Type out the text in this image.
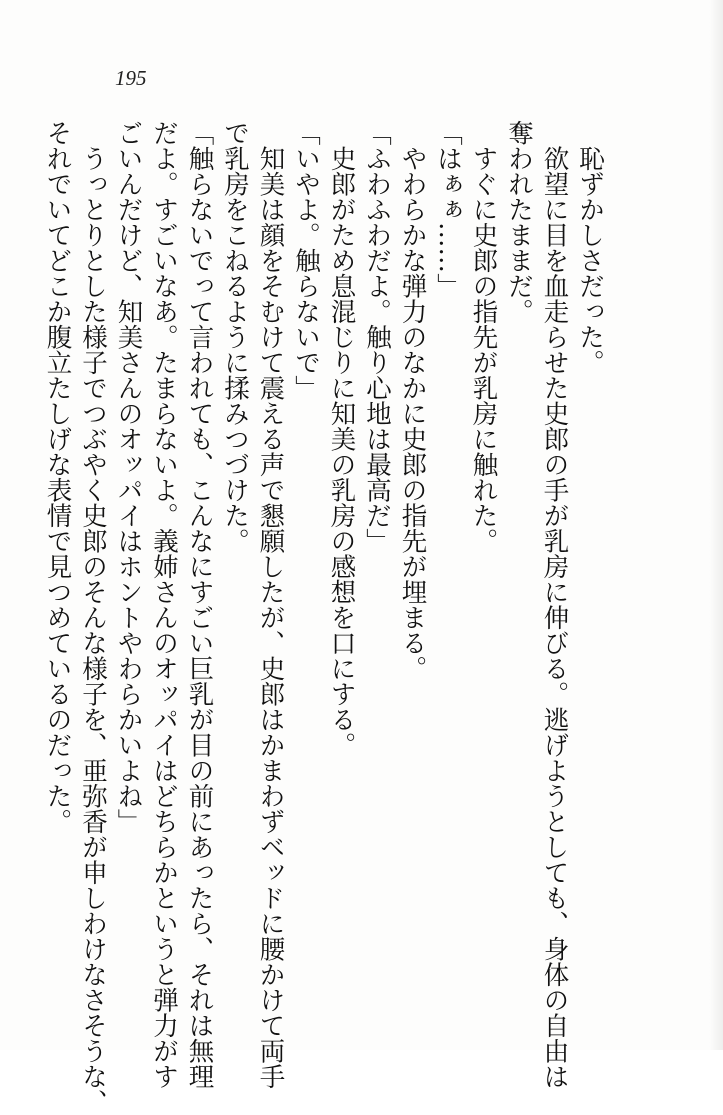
195
　恥ずかしさだった。
　欲望に目を血走らせた史郎の手が乳房に伸びる。逃げようとしても、身体の自由は
奪われたままだ。
　すぐに史郎の指先が乳房に触れた。
「はぁぁ……」
　やわらかな弾力のなかに史郎の指先が埋まる。
「ふわふわだよ。触り心地は最高だ」
　史郎がため息混じりに知美の乳房の感想を口にする。
「いやよ。触らないで」
　知美は顔をそむけて震える声で懇願したが、史郎はかまわずベッドに腰かけて両手
で乳房をこねるように揉みつづけた。
「触らないでって言われても、こんなにすごい巨乳が目の前にあったら、それは無理
だよ。すごいなあ。たまらないよ。義姉さんのオッパイはどちらかというと弾力がす
ごいんだけど、知美さんのオッパイはホントやわらかいよね」
　うっとりとした様子でつぶやく史郎のそんな様子を、亜弥香が申しわけなさそうな、
それでいてどこか腹立たしげな表情で見つめているのだった。
